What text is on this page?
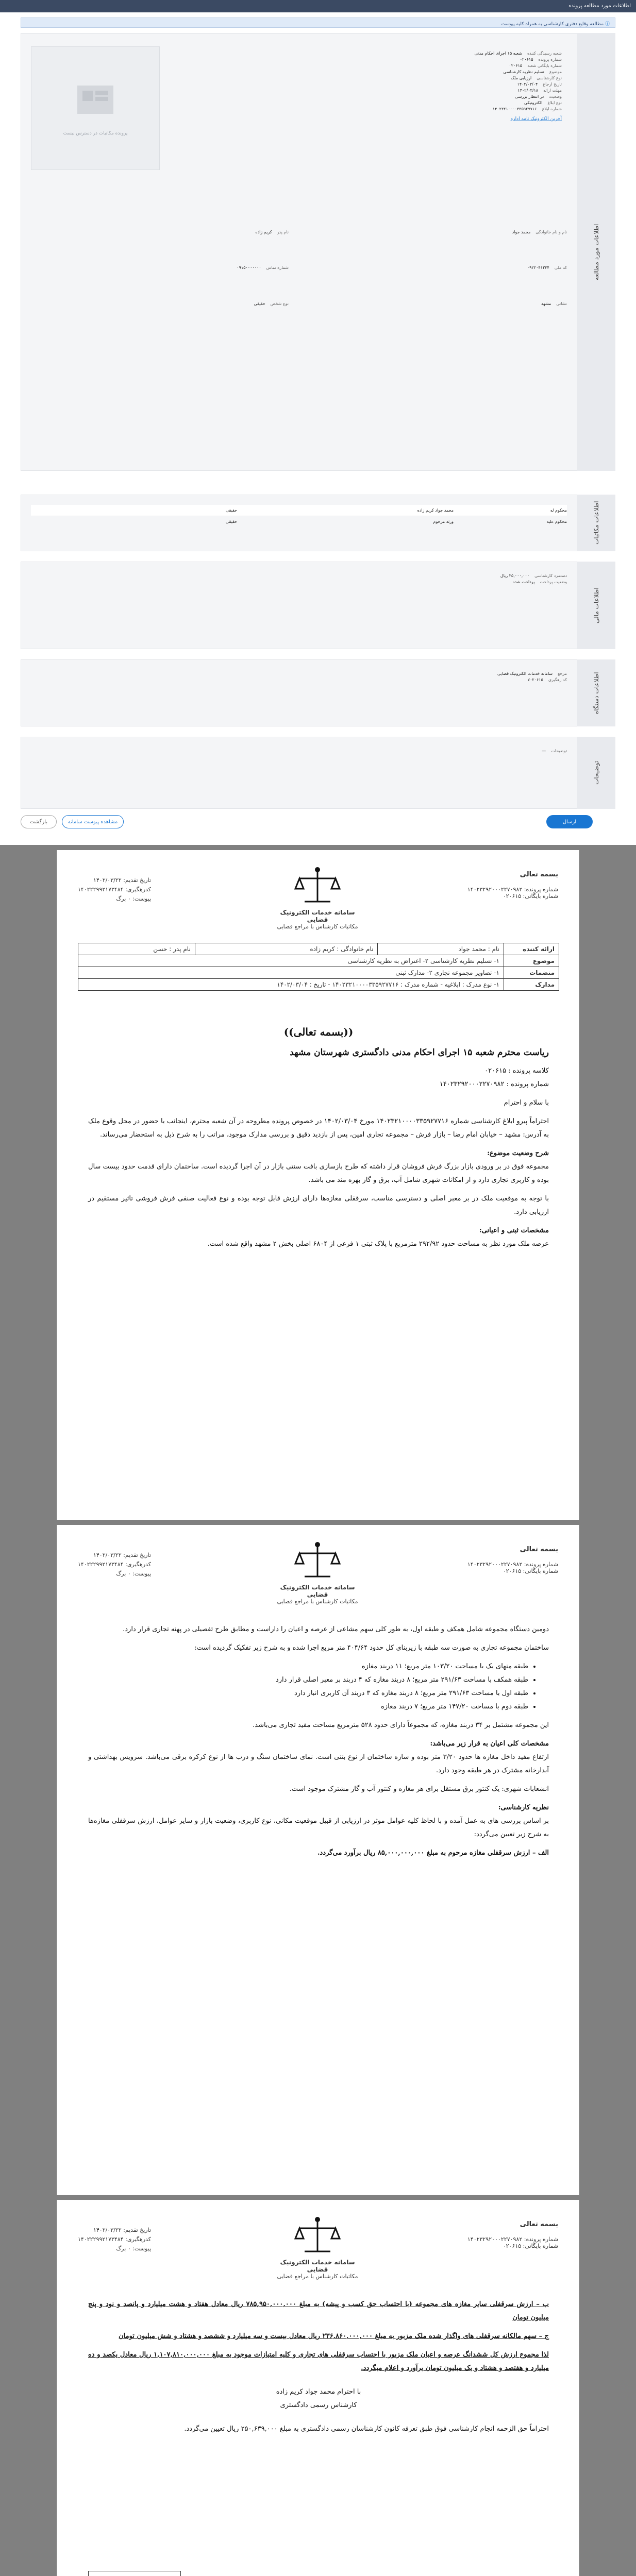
اطلاعات مورد مطالعه پرونده
ⓘ مطالعه وقایع دفتری کارشناسی به همراه کلیه پیوست
اطلاعات مورد مطالعه
پرونده مکاتبات در دسترس نیست
شعبه رسیدگی کننده
شعبه ۱۵ اجرای احکام مدنی
شماره پرونده
۰۲۰۶۱۵
شماره بایگانی شعبه
۰۲۰۶۱۵
موضوع
تسلیم نظریه کارشناسی
نوع کارشناسی
ارزیابی ملک
تاریخ ارجاع
۱۴۰۲/۰۳/۰۴
مهلت ارائه
۱۴۰۲/۰۳/۱۸
وضعیت
در انتظار بررسی
نوع ابلاغ
الکترونیکی
شماره ابلاغ
۱۴۰۲۳۲۱۰۰۰۰۳۳۵۹۲۷۷۱۶
آخرین الکترونیک نامه اداره
نام و نام خانوادگی
محمد جواد
نام پدر
کریم زاده
کد ملی
۰۹۲۲۰۴۱۲۳۴
شماره تماس
۰۹۱۵۰۰۰۰۰۰۰
نشانی
مشهد
نوع شخص
حقیقی
اطلاعات مکاتبات
محکوم له
محمد جواد کریم زاده
حقیقی
محکوم علیه
ورثه مرحوم
حقیقی
اطلاعات مالی
دستمزد کارشناسی
۲۵,۰۰۰,۰۰۰ ریال
وضعیت پرداخت
پرداخت شده
اطلاعات دستگاه
مرجع
سامانه خدمات الکترونیک قضایی
کد رهگیری
۷۰۲۰۶۱۵
توضیحات
توضیحات
—
ارسال
مشاهده پیوست سامانه
بازگشت
بسمه تعالی
شماره پرونده: ۱۴۰۲۳۲۹۲۰۰۰۲۲۷۰۹۸۲
شماره بایگانی: ۰۲۰۶۱۵
سامانه خدمات الکترونیک قضایی
مکاتبات کارشناس با مراجع قضایی
تاریخ تقدیم: ۱۴۰۲/۰۳/۲۲
کدرهگیری: ۱۴۰۲۲۲۹۹۲۱۷۳۴۸۴
پیوست: ۰ برگ
ارائه کننده	نام : محمد جواد	نام خانوادگی : کریم زاده	نام پدر : حسن
موضوع	۱- تسلیم نظریه کارشناسی ۲- اعتراض به نظریه کارشناسی		
منضمات	۱- تصاویر مجموعه تجاری ۲- مدارک ثبتی		
مدارک	۱- نوع مدرک : ابلاغیه - شماره مدرک : ۱۴۰۲۳۲۱۰۰۰۰۳۳۵۹۲۷۷۱۶ - تاریخ : ۱۴۰۲/۰۳/۰۴		
((بسمه تعالی))
ریاست محترم شعبه ۱۵ اجرای احکام مدنی دادگستری شهرستان مشهد
کلاسه پرونده : ۰۲۰۶۱۵
شماره پرونده : ۱۴۰۲۳۲۹۲۰۰۰۲۲۷۰۹۸۲
با سلام و احترام

احتراماً پیرو ابلاغ کارشناسی شماره ۱۴۰۲۳۲۱۰۰۰۰۳۳۵۹۲۷۷۱۶ مورخ ۱۴۰۲/۰۳/۰۴ در خصوص پرونده مطروحه در آن شعبه محترم، اینجانب با حضور در محل وقوع ملک به آدرس: مشهد – خیابان امام رضا – بازار فرش – مجموعه تجاری امین، پس از بازدید دقیق و بررسی مدارک موجود، مراتب را به شرح ذیل به استحضار می‌رساند.

شرح وضعیت موضوع:

مجموعه فوق در بر ورودی بازار بزرگ فرش فروشان قرار داشته که طرح بازسازی بافت سنتی بازار در آن اجرا گردیده است. ساختمان دارای قدمت حدود بیست سال بوده و کاربری تجاری دارد و از امکانات شهری شامل آب، برق و گاز بهره مند می باشد.

با توجه به موقعیت ملک در بر معبر اصلی و دسترسی مناسب، سرقفلی مغازه‌ها دارای ارزش قابل توجه بوده و نوع فعالیت صنفی فرش فروشی تاثیر مستقیم در ارزیابی دارد.

مشخصات ثبتی و اعیانی:

عرصه ملک مورد نظر به مساحت حدود ۲۹۲/۹۲ مترمربع با پلاک ثبتی ۱ فرعی از ۶۸۰۴ اصلی بخش ۲ مشهد واقع شده است.

بسمه تعالی
شماره پرونده: ۱۴۰۲۳۲۹۲۰۰۰۲۲۷۰۹۸۲
شماره بایگانی: ۰۲۰۶۱۵
سامانه خدمات الکترونیک قضایی
مکاتبات کارشناس با مراجع قضایی
تاریخ تقدیم: ۱۴۰۲/۰۳/۲۲
کدرهگیری: ۱۴۰۲۲۲۹۹۲۱۷۳۴۸۴
پیوست: ۰ برگ

دومین دستگاه مجموعه شامل همکف و طبقه اول، به طور کلی سهم مشاعی از عرصه و اعیان را داراست و مطابق طرح تفصیلی در پهنه تجاری قرار دارد.

ساختمان مجموعه تجاری به صورت سه طبقه با زیربنای کل حدود ۴۰۴/۶۴ متر مربع اجرا شده و به شرح زیر تفکیک گردیده است:

• طبقه منهای یک با مساحت ۱۰۳/۲۰ متر مربع؛ ۱۱ دربند مغازه
• طبقه همکف با مساحت ۲۹۱/۶۳ متر مربع؛ ۸ دربند مغازه که ۴ دربند بر معبر اصلی قرار دارد
• طبقه اول با مساحت ۲۹۱/۶۳ متر مربع؛ ۸ دربند مغازه که ۳ دربند آن کاربری انبار دارد
• طبقه دوم با مساحت ۱۴۷/۲۰ متر مربع؛ ۷ دربند مغازه

این مجموعه مشتمل بر ۳۴ دربند مغازه، که مجموعاً دارای حدود ۵۲۸ مترمربع مساحت مفید تجاری می‌باشد.

مشخصات کلی اعیان به قرار زیر می‌باشد:

ارتفاع مفید داخل مغازه ها حدود ۳/۲۰ متر بوده و سازه ساختمان از نوع بتنی است. نمای ساختمان سنگ و درب ها از نوع کرکره برقی می‌باشد. سرویس بهداشتی و آبدارخانه مشترک در هر طبقه وجود دارد.

انشعابات شهری: یک کنتور برق مستقل برای هر مغازه و کنتور آب و گاز مشترک موجود است.

نظریه کارشناسی:

بر اساس بررسی های به عمل آمده و با لحاظ کلیه عوامل موثر در ارزیابی از قبیل موقعیت مکانی، نوع کاربری، وضعیت بازار و سایر عوامل، ارزش سرقفلی مغازه‌ها به شرح زیر تعیین می‌گردد:

الف – ارزش سرقفلی مغازه مرحوم به مبلغ ۸۵,۰۰۰,۰۰۰,۰۰۰ ریال برآورد می‌گردد.

بسمه تعالی
شماره پرونده: ۱۴۰۲۳۲۹۲۰۰۰۲۲۷۰۹۸۲
شماره بایگانی: ۰۲۰۶۱۵
سامانه خدمات الکترونیک قضایی
مکاتبات کارشناس با مراجع قضایی
تاریخ تقدیم: ۱۴۰۲/۰۳/۲۲
کدرهگیری: ۱۴۰۲۲۲۹۹۲۱۷۳۴۸۴
پیوست: ۰ برگ

ب – ارزش سرقفلی سایر مغازه های مجموعه (با احتساب حق کسب و پیشه) به مبلغ ۷۸۵,۹۵۰,۰۰۰,۰۰۰ ریال معادل هفتاد و هشت میلیارد و پانصد و نود و پنج میلیون تومان

ج – سهم مالکانه سرقفلی های واگذار شده ملک مزبور به مبلغ ۲۳۶,۸۶۰,۰۰۰,۰۰۰ ریال معادل بیست و سه میلیارد و ششصد و هشتاد و شش میلیون تومان

لذا مجموع ارزش کل ششدانگ عرصه و اعیان ملک مزبور با احتساب سرقفلی های تجاری و کلیه امتیازات موجود به مبلغ ۱,۱۰۷,۸۱۰,۰۰۰,۰۰۰ ریال معادل یکصد و ده میلیارد و هفتصد و هشتاد و یک میلیون تومان برآورد و اعلام میگردد.

با احترام محمد جواد کریم زاده
کارشناس رسمی دادگستری

احتراماً حق الزحمه انجام کارشناسی فوق طبق تعرفه کانون کارشناسان رسمی دادگستری به مبلغ ۲۵۰,۶۳۹,۰۰۰ ریال تعیین می‌گردد.
